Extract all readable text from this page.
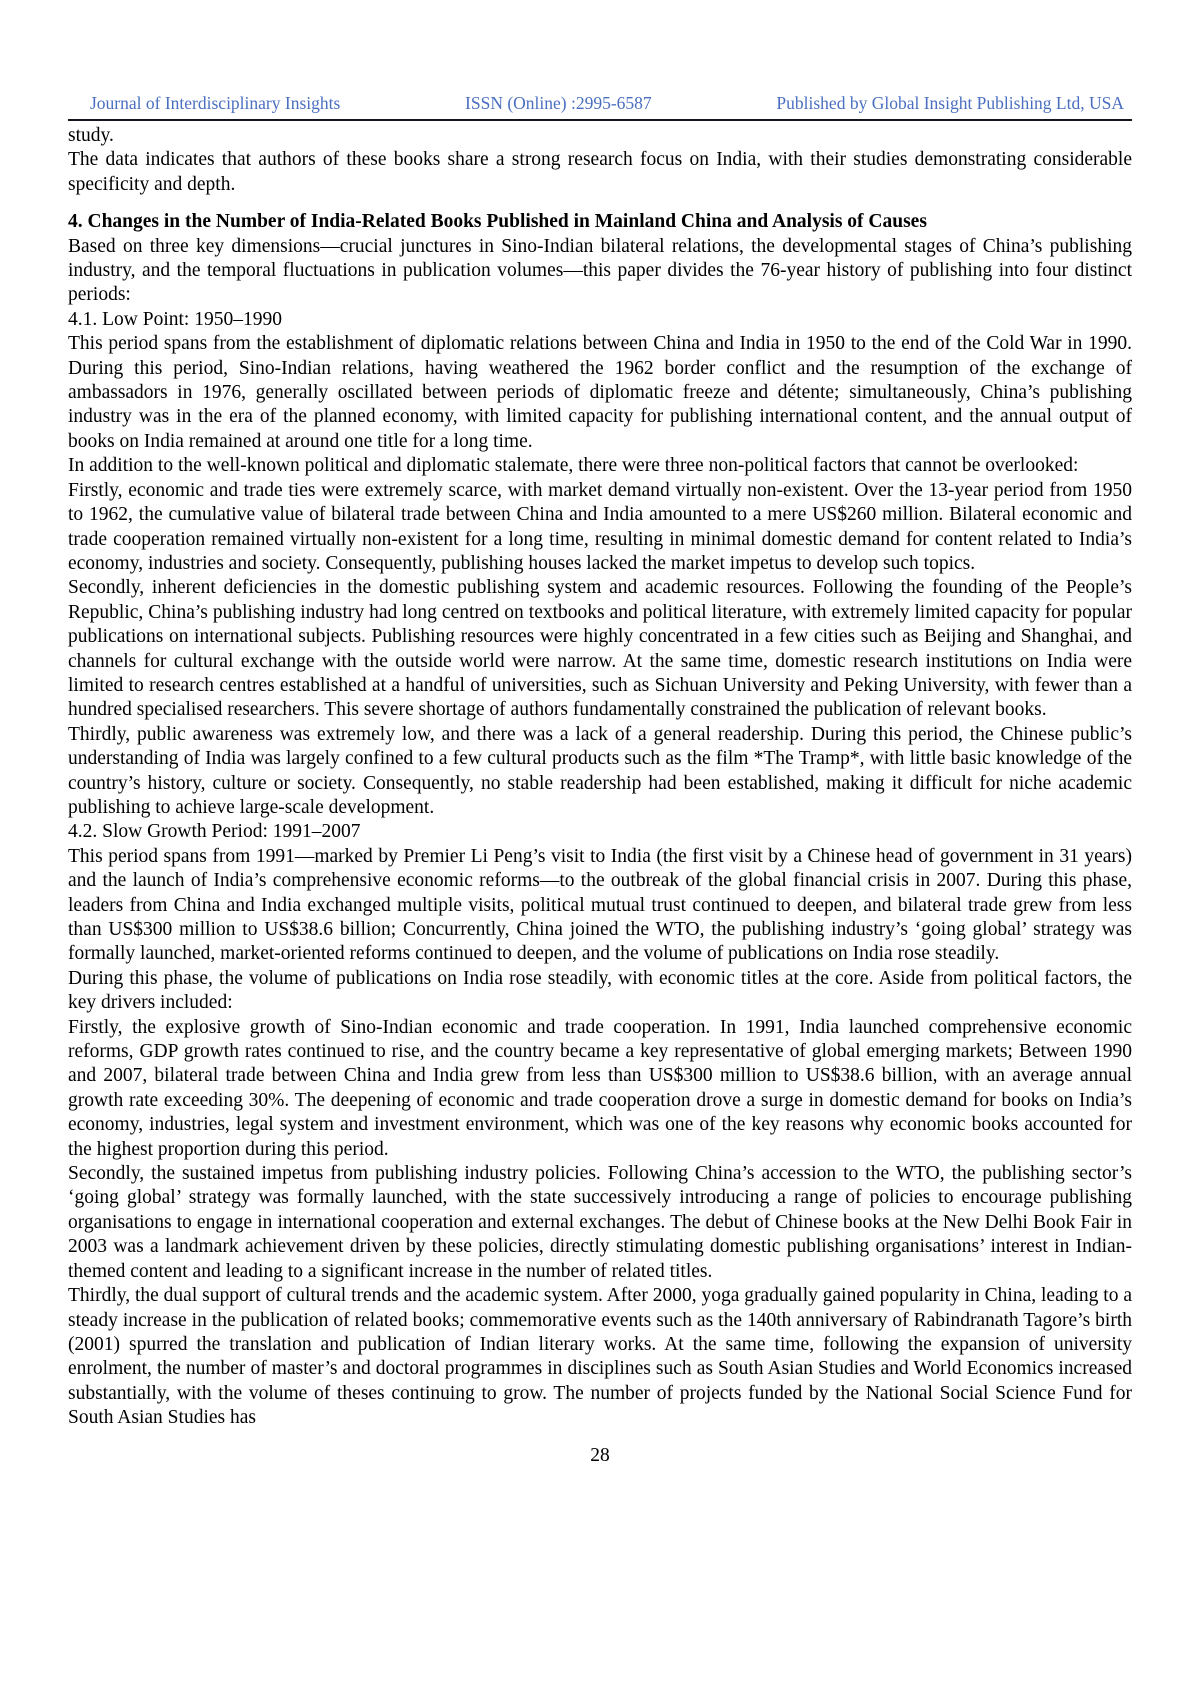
Journal of Interdisciplinary Insights	ISSN (Online) :2995-6587	Published by Global Insight Publishing Ltd, USA
study.
The data indicates that authors of these books share a strong research focus on India, with their studies demonstrating considerable specificity and depth.
4. Changes in the Number of India-Related Books Published in Mainland China and Analysis of Causes
Based on three key dimensions—crucial junctures in Sino-Indian bilateral relations, the developmental stages of China’s publishing industry, and the temporal fluctuations in publication volumes—this paper divides the 76-year history of publishing into four distinct periods:
4.1. Low Point: 1950–1990
This period spans from the establishment of diplomatic relations between China and India in 1950 to the end of the Cold War in 1990. During this period, Sino-Indian relations, having weathered the 1962 border conflict and the resumption of the exchange of ambassadors in 1976, generally oscillated between periods of diplomatic freeze and détente; simultaneously, China’s publishing industry was in the era of the planned economy, with limited capacity for publishing international content, and the annual output of books on India remained at around one title for a long time.
In addition to the well-known political and diplomatic stalemate, there were three non-political factors that cannot be overlooked:
Firstly, economic and trade ties were extremely scarce, with market demand virtually non-existent. Over the 13-year period from 1950 to 1962, the cumulative value of bilateral trade between China and India amounted to a mere US$260 million. Bilateral economic and trade cooperation remained virtually non-existent for a long time, resulting in minimal domestic demand for content related to India’s economy, industries and society. Consequently, publishing houses lacked the market impetus to develop such topics.
Secondly, inherent deficiencies in the domestic publishing system and academic resources. Following the founding of the People’s Republic, China’s publishing industry had long centred on textbooks and political literature, with extremely limited capacity for popular publications on international subjects. Publishing resources were highly concentrated in a few cities such as Beijing and Shanghai, and channels for cultural exchange with the outside world were narrow. At the same time, domestic research institutions on India were limited to research centres established at a handful of universities, such as Sichuan University and Peking University, with fewer than a hundred specialised researchers. This severe shortage of authors fundamentally constrained the publication of relevant books.
Thirdly, public awareness was extremely low, and there was a lack of a general readership. During this period, the Chinese public’s understanding of India was largely confined to a few cultural products such as the film *The Tramp*, with little basic knowledge of the country’s history, culture or society. Consequently, no stable readership had been established, making it difficult for niche academic publishing to achieve large-scale development.
4.2. Slow Growth Period: 1991–2007
This period spans from 1991—marked by Premier Li Peng’s visit to India (the first visit by a Chinese head of government in 31 years) and the launch of India’s comprehensive economic reforms—to the outbreak of the global financial crisis in 2007. During this phase, leaders from China and India exchanged multiple visits, political mutual trust continued to deepen, and bilateral trade grew from less than US$300 million to US$38.6 billion; Concurrently, China joined the WTO, the publishing industry’s ‘going global’ strategy was formally launched, market-oriented reforms continued to deepen, and the volume of publications on India rose steadily.
During this phase, the volume of publications on India rose steadily, with economic titles at the core. Aside from political factors, the key drivers included:
Firstly, the explosive growth of Sino-Indian economic and trade cooperation. In 1991, India launched comprehensive economic reforms, GDP growth rates continued to rise, and the country became a key representative of global emerging markets; Between 1990 and 2007, bilateral trade between China and India grew from less than US$300 million to US$38.6 billion, with an average annual growth rate exceeding 30%. The deepening of economic and trade cooperation drove a surge in domestic demand for books on India’s economy, industries, legal system and investment environment, which was one of the key reasons why economic books accounted for the highest proportion during this period.
Secondly, the sustained impetus from publishing industry policies. Following China’s accession to the WTO, the publishing sector’s ‘going global’ strategy was formally launched, with the state successively introducing a range of policies to encourage publishing organisations to engage in international cooperation and external exchanges. The debut of Chinese books at the New Delhi Book Fair in 2003 was a landmark achievement driven by these policies, directly stimulating domestic publishing organisations’ interest in Indian-themed content and leading to a significant increase in the number of related titles.
Thirdly, the dual support of cultural trends and the academic system. After 2000, yoga gradually gained popularity in China, leading to a steady increase in the publication of related books; commemorative events such as the 140th anniversary of Rabindranath Tagore’s birth (2001) spurred the translation and publication of Indian literary works. At the same time, following the expansion of university enrolment, the number of master’s and doctoral programmes in disciplines such as South Asian Studies and World Economics increased substantially, with the volume of theses continuing to grow. The number of projects funded by the National Social Science Fund for South Asian Studies has
28
